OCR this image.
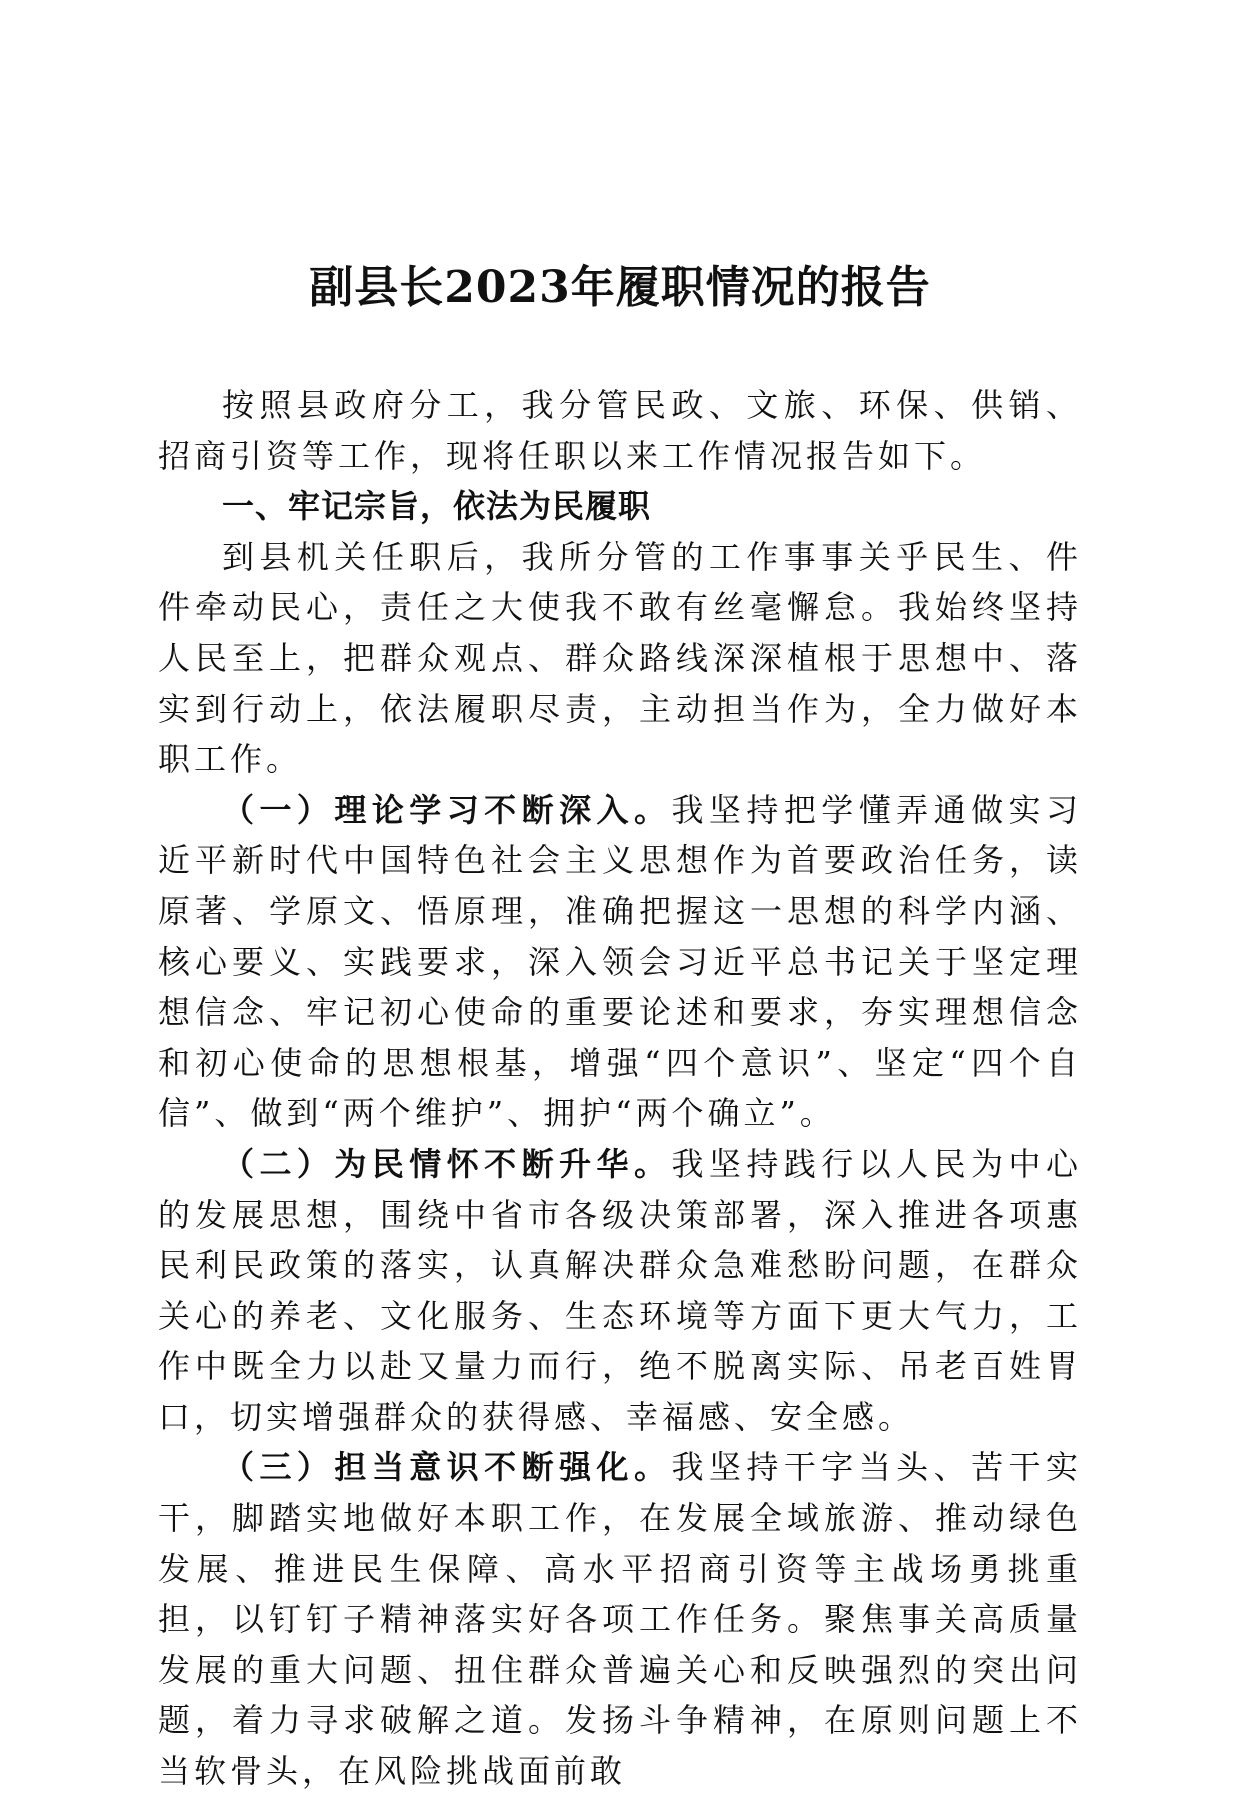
副县长2023年履职情况的报告

按照县政府分工，我分管民政、文旅、环保、供销、招商引资等工作，现将任职以来工作情况报告如下。

一、牢记宗旨，依法为民履职

到县机关任职后，我所分管的工作事事关乎民生、件件牵动民心，责任之大使我不敢有丝毫懈怠。我始终坚持人民至上，把群众观点、群众路线深深植根于思想中、落实到行动上，依法履职尽责，主动担当作为，全力做好本职工作。

（一）理论学习不断深入。我坚持把学懂弄通做实习近平新时代中国特色社会主义思想作为首要政治任务，读原著、学原文、悟原理，准确把握这一思想的科学内涵、核心要义、实践要求，深入领会习近平总书记关于坚定理想信念、牢记初心使命的重要论述和要求，夯实理想信念和初心使命的思想根基，增强“四个意识”、坚定“四个自信”、做到“两个维护”、拥护“两个确立”。

（二）为民情怀不断升华。我坚持践行以人民为中心的发展思想，围绕中省市各级决策部署，深入推进各项惠民利民政策的落实，认真解决群众急难愁盼问题，在群众关心的养老、文化服务、生态环境等方面下更大气力，工作中既全力以赴又量力而行，绝不脱离实际、吊老百姓胃口，切实增强群众的获得感、幸福感、安全感。

（三）担当意识不断强化。我坚持干字当头、苦干实干，脚踏实地做好本职工作，在发展全域旅游、推动绿色发展、推进民生保障、高水平招商引资等主战场勇挑重担，以钉钉子精神落实好各项工作任务。聚焦事关高质量发展的重大问题、扭住群众普遍关心和反映强烈的突出问题，着力寻求破解之道。发扬斗争精神，在原则问题上不当软骨头，在风险挑战面前敢
